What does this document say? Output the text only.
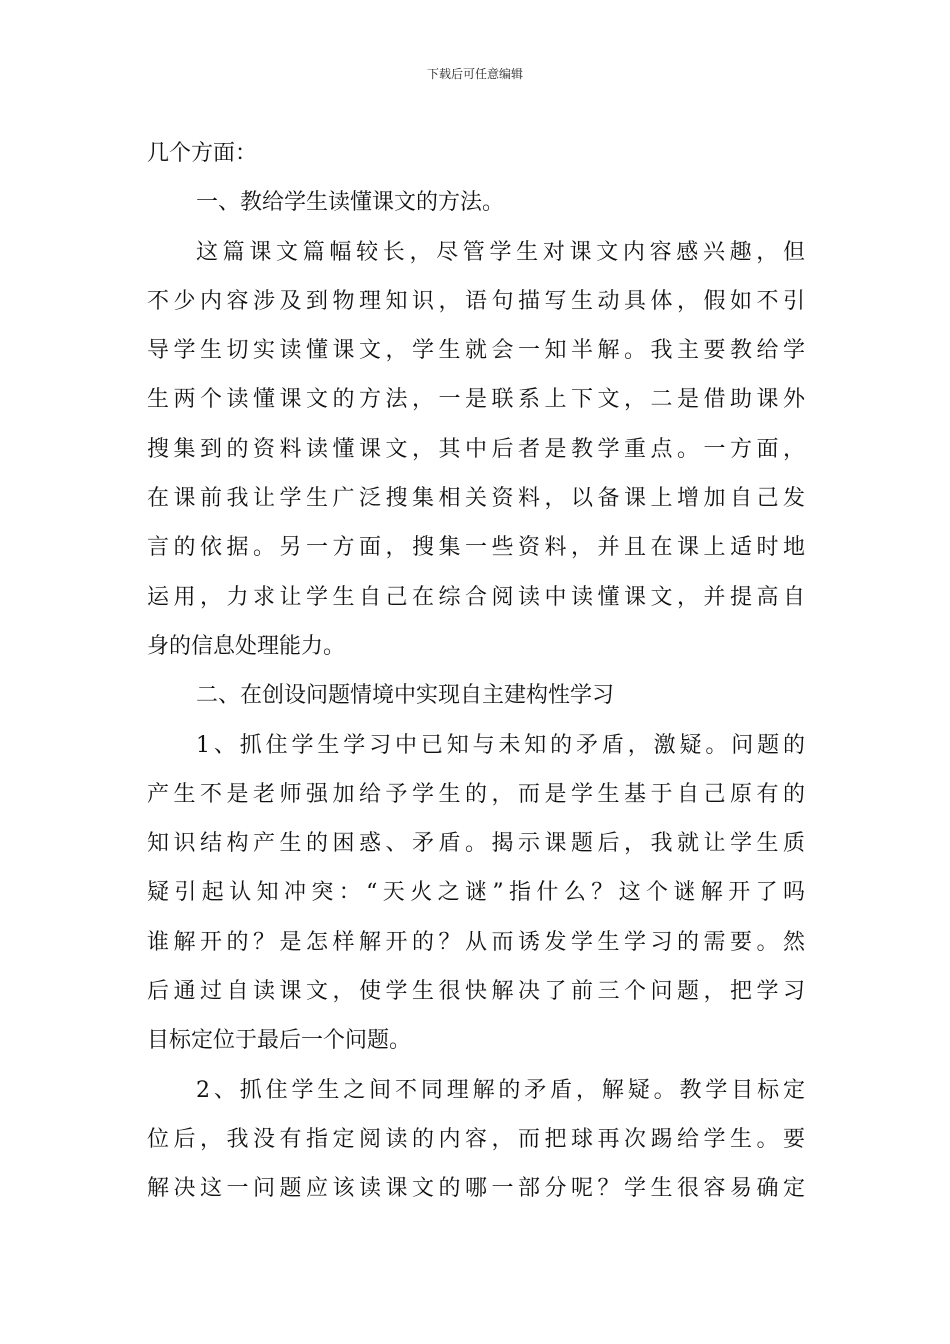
下载后可任意编辑

几个方面：
一、教给学生读懂课文的方法。
这篇课文篇幅较长，尽管学生对课文内容感兴趣，但
不少内容涉及到物理知识，语句描写生动具体，假如不引
导学生切实读懂课文，学生就会一知半解。我主要教给学
生两个读懂课文的方法，一是联系上下文，二是借助课外
搜集到的资料读懂课文，其中后者是教学重点。一方面，
在课前我让学生广泛搜集相关资料，以备课上增加自己发
言的依据。另一方面，搜集一些资料，并且在课上适时地
运用，力求让学生自己在综合阅读中读懂课文，并提高自
身的信息处理能力。
二、在创设问题情境中实现自主建构性学习
1、抓住学生学习中已知与未知的矛盾，激疑。问题的
产生不是老师强加给予学生的，而是学生基于自己原有的
知识结构产生的困惑、矛盾。揭示课题后，我就让学生质
疑引起认知冲突：“天火之谜”指什么？这个谜解开了吗
谁解开的？是怎样解开的？从而诱发学生学习的需要。然
后通过自读课文，使学生很快解决了前三个问题，把学习
目标定位于最后一个问题。
2、抓住学生之间不同理解的矛盾，解疑。教学目标定
位后，我没有指定阅读的内容，而把球再次踢给学生。要
解决这一问题应该读课文的哪一部分呢？学生很容易确定
